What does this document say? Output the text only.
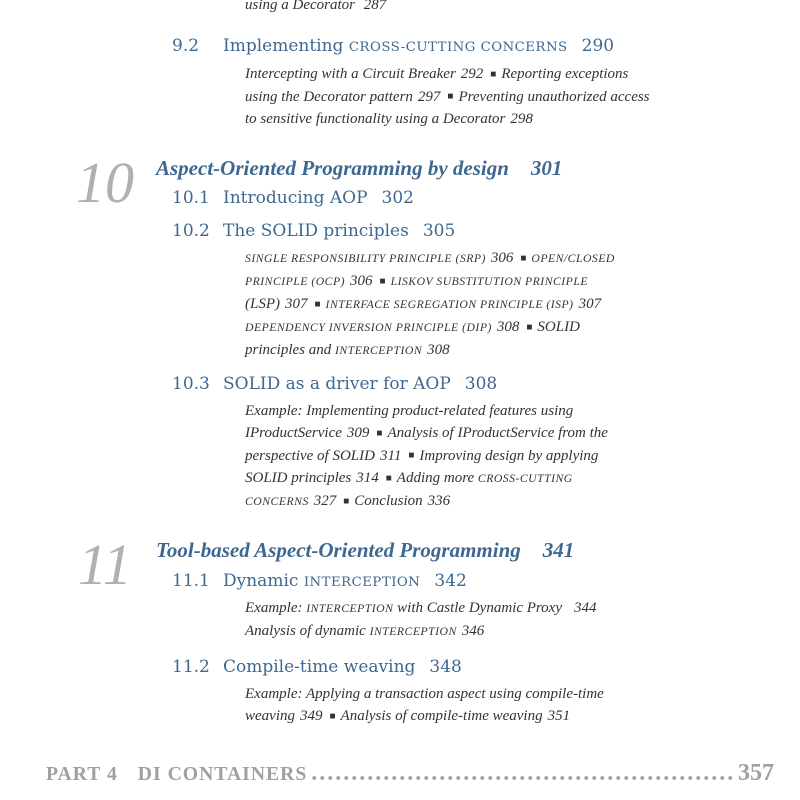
using a Decorator 287
9.2 Implementing CROSS-CUTTING CONCERNS 290
Intercepting with a Circuit Breaker 292 ■ Reporting exceptions
using the Decorator pattern 297 ■ Preventing unauthorized access
to sensitive functionality using a Decorator 298
10 Aspect-Oriented Programming by design 301
10.1 Introducing AOP 302
10.2 The SOLID principles 305
SINGLE RESPONSIBILITY PRINCIPLE (SRP) 306 ■ OPEN/CLOSED
PRINCIPLE (OCP) 306 ■ LISKOV SUBSTITUTION PRINCIPLE
(LSP) 307 ■ INTERFACE SEGREGATION PRINCIPLE (ISP) 307
DEPENDENCY INVERSION PRINCIPLE (DIP) 308 ■ SOLID
principles and INTERCEPTION 308
10.3 SOLID as a driver for AOP 308
Example: Implementing product-related features using
IProductService 309 ■ Analysis of IProductService from the
perspective of SOLID 311 ■ Improving design by applying
SOLID principles 314 ■ Adding more CROSS-CUTTING
CONCERNS 327 ■ Conclusion 336
11 Tool-based Aspect-Oriented Programming 341
11.1 Dynamic INTERCEPTION 342
Example: INTERCEPTION with Castle Dynamic Proxy 344
Analysis of dynamic INTERCEPTION 346
11.2 Compile-time weaving 348
Example: Applying a transaction aspect using compile-time
weaving 349 ■ Analysis of compile-time weaving 351
PART 4 DI CONTAINERS
.....	357
